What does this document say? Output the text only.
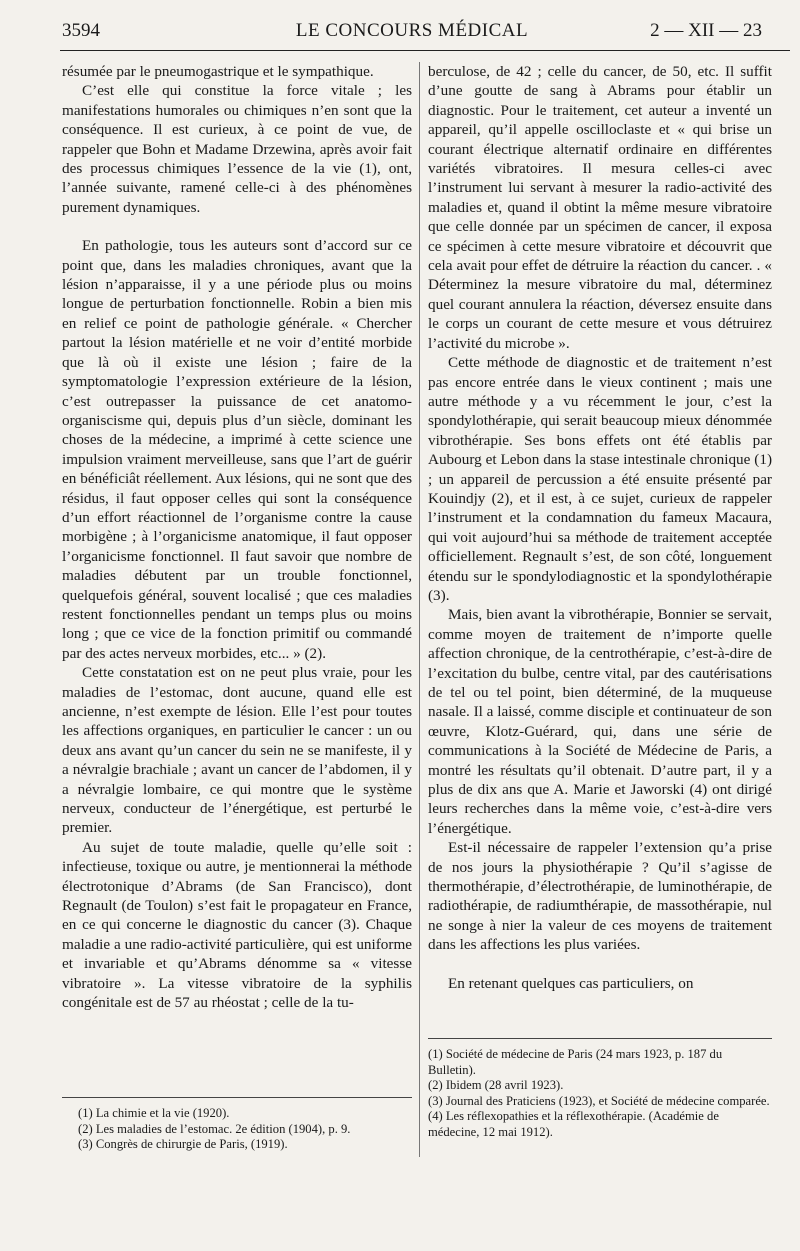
3594	LE CONCOURS MÉDICAL	2 — XII — 23

résumée par le pneumogastrique et le sympathique.

C’est elle qui constitue la force vitale ; les manifestations humorales ou chimiques n’en sont que la conséquence. Il est curieux, à ce point de vue, de rappeler que Bohn et Madame Drzewina, après avoir fait des processus chimiques l’essence de la vie (1), ont, l’année suivante, ramené celle-ci à des phénomènes purement dynamiques.

En pathologie, tous les auteurs sont d’accord sur ce point que, dans les maladies chroniques, avant que la lésion n’apparaisse, il y a une période plus ou moins longue de perturbation fonctionnelle. Robin a bien mis en relief ce point de pathologie générale. « Chercher partout la lésion matérielle et ne voir d’entité morbide que là où il existe une lésion ; faire de la symptomatologie l’expression extérieure de la lésion, c’est outrepasser la puissance de cet anatomo-organiscisme qui, depuis plus d’un siècle, dominant les choses de la médecine, a imprimé à cette science une impulsion vraiment merveilleuse, sans que l’art de guérir en bénéficiât réellement. Aux lésions, qui ne sont que des résidus, il faut opposer celles qui sont la conséquence d’un effort réactionnel de l’organisme contre la cause morbigène ; à l’organicisme anatomique, il faut opposer l’organicisme fonctionnel. Il faut savoir que nombre de maladies débutent par un trouble fonctionnel, quelquefois général, souvent localisé ; que ces maladies restent fonctionnelles pendant un temps plus ou moins long ; que ce vice de la fonction primitif ou commandé par des actes nerveux morbides, etc... » (2).

Cette constatation est on ne peut plus vraie, pour les maladies de l’estomac, dont aucune, quand elle est ancienne, n’est exempte de lésion. Elle l’est pour toutes les affections organiques, en particulier le cancer : un ou deux ans avant qu’un cancer du sein ne se manifeste, il y a névralgie brachiale ; avant un cancer de l’abdomen, il y a névralgie lombaire, ce qui montre que le système nerveux, conducteur de l’énergétique, est perturbé le premier.

Au sujet de toute maladie, quelle qu’elle soit : infectieuse, toxique ou autre, je mentionnerai la méthode électrotonique d’Abrams (de San Francisco), dont Regnault (de Toulon) s’est fait le propagateur en France, en ce qui concerne le diagnostic du cancer (3). Chaque maladie a une radio-activité particulière, qui est uniforme et invariable et qu’Abrams dénomme sa « vitesse vibratoire ». La vitesse vibratoire de la syphilis congénitale est de 57 au rhéostat ; celle de la tu-

berculose, de 42 ; celle du cancer, de 50, etc. Il suffit d’une goutte de sang à Abrams pour établir un diagnostic. Pour le traitement, cet auteur a inventé un appareil, qu’il appelle oscilloclaste et « qui brise un courant électrique alternatif ordinaire en différentes variétés vibratoires. Il mesura celles-ci avec l’instrument lui servant à mesurer la radio-activité des maladies et, quand il obtint la même mesure vibratoire que celle donnée par un spécimen de cancer, il exposa ce spécimen à cette mesure vibratoire et découvrit que cela avait pour effet de détruire la réaction du cancer. . « Déterminez la mesure vibratoire du mal, déterminez quel courant annulera la réaction, déversez ensuite dans le corps un courant de cette mesure et vous détruirez l’activité du microbe ».

Cette méthode de diagnostic et de traitement n’est pas encore entrée dans le vieux continent ; mais une autre méthode y a vu récemment le jour, c’est la spondylothérapie, qui serait beaucoup mieux dénommée vibrothérapie. Ses bons effets ont été établis par Aubourg et Lebon dans la stase intestinale chronique (1) ; un appareil de percussion a été ensuite présenté par Kouindjy (2), et il est, à ce sujet, curieux de rappeler l’instrument et la condamnation du fameux Macaura, qui voit aujourd’hui sa méthode de traitement acceptée officiellement. Regnault s’est, de son côté, longuement étendu sur le spondylodiagnostic et la spondylothérapie (3).

Mais, bien avant la vibrothérapie, Bonnier se servait, comme moyen de traitement de n’importe quelle affection chronique, de la centrothérapie, c’est-à-dire de l’excitation du bulbe, centre vital, par des cautérisations de tel ou tel point, bien déterminé, de la muqueuse nasale. Il a laissé, comme disciple et continuateur de son œuvre, Klotz-Guérard, qui, dans une série de communications à la Société de Médecine de Paris, a montré les résultats qu’il obtenait. D’autre part, il y a plus de dix ans que A. Marie et Jaworski (4) ont dirigé leurs recherches dans la même voie, c’est-à-dire vers l’énergétique.

Est-il nécessaire de rappeler l’extension qu’a prise de nos jours la physiothérapie ? Qu’il s’agisse de thermothérapie, d’électrothérapie, de luminothérapie, de radiothérapie, de radiumthérapie, de massothérapie, nul ne songe à nier la valeur de ces moyens de traitement dans les affections les plus variées.

En retenant quelques cas particuliers, on

(1) La chimie et la vie (1920).
(2) Les maladies de l’estomac. 2e édition (1904), p. 9.
(3) Congrès de chirurgie de Paris, (1919).
(1) Société de médecine de Paris (24 mars 1923, p. 187 du Bulletin).
(2) Ibidem (28 avril 1923).
(3) Journal des Praticiens (1923), et Société de médecine comparée.
(4) Les réflexopathies et la réflexothérapie. (Académie de médecine, 12 mai 1912).
